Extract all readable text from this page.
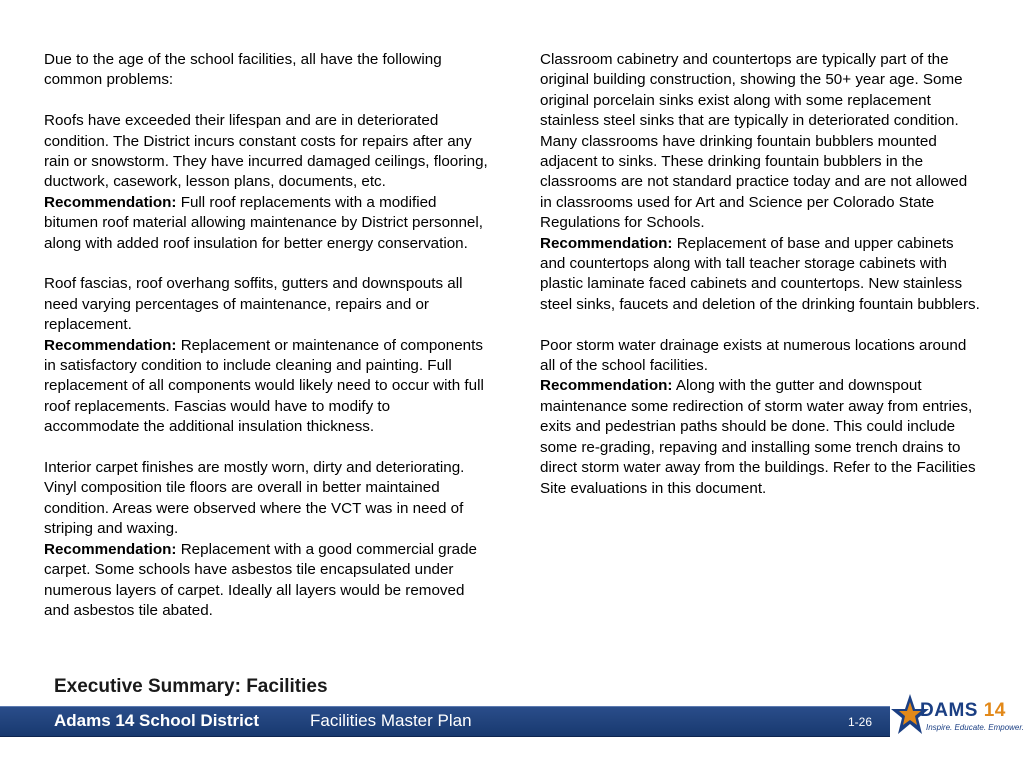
Due to the age of the school facilities, all have the following common problems:

Roofs have exceeded their lifespan and are in deteriorated condition. The District incurs constant costs for repairs after any rain or snowstorm. They have incurred damaged ceilings, flooring, ductwork, casework, lesson plans, documents, etc.
Recommendation: Full roof replacements with a modified bitumen roof material allowing maintenance by District personnel, along with added roof insulation for better energy conservation.

Roof fascias, roof overhang soffits, gutters and downspouts all need varying percentages of maintenance, repairs and or replacement.
Recommendation: Replacement or maintenance of components in satisfactory condition to include cleaning and painting. Full replacement of all components would likely need to occur with full roof replacements. Fascias would have to modify to accommodate the additional insulation thickness.

Interior carpet finishes are mostly worn, dirty and deteriorating. Vinyl composition tile floors are overall in better maintained condition. Areas were observed where the VCT was in need of striping and waxing.
Recommendation: Replacement with a good commercial grade carpet. Some schools have asbestos tile encapsulated under numerous layers of carpet. Ideally all layers would be removed and asbestos tile abated.

Classroom cabinetry and countertops are typically part of the original building construction, showing the 50+ year age. Some original porcelain sinks exist along with some replacement stainless steel sinks that are typically in deteriorated condition. Many classrooms have drinking fountain bubblers mounted adjacent to sinks. These drinking fountain bubblers in the classrooms are not standard practice today and are not allowed in classrooms used for Art and Science per Colorado State Regulations for Schools.
Recommendation: Replacement of base and upper cabinets and countertops along with tall teacher storage cabinets with plastic laminate faced cabinets and countertops. New stainless steel sinks, faucets and deletion of the drinking fountain bubblers.

Poor storm water drainage exists at numerous locations around all of the school facilities.
Recommendation: Along with the gutter and downspout maintenance some redirection of storm water away from entries, exits and pedestrian paths should be done. This could include some re-grading, repaving and installing some trench drains to direct storm water away from the buildings. Refer to the Facilities Site evaluations in this document.

Executive Summary: Facilities
Adams 14 School District	Facilities Master Plan	1-26
DAMS 14
Inspire. Educate. Empower.
